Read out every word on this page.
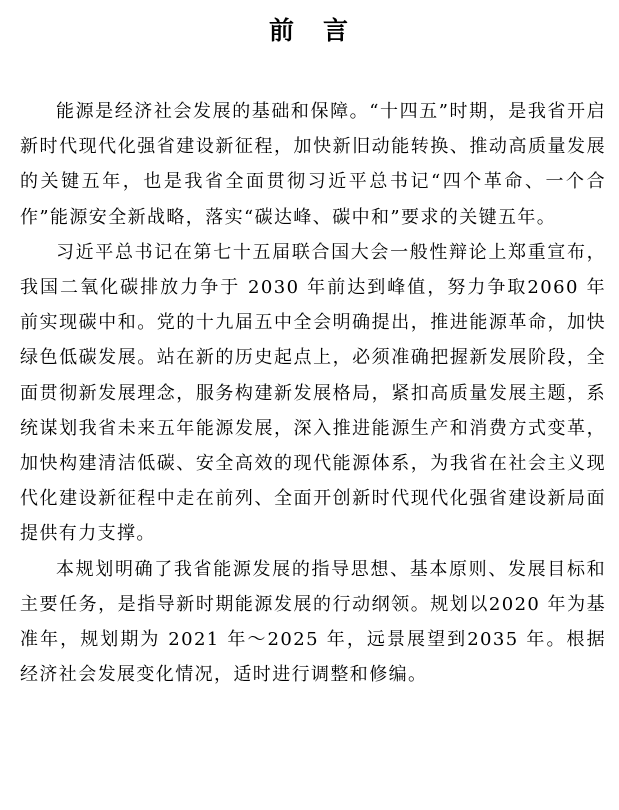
前　言

能源是经济社会发展的基础和保障。“十四五”时期，是我省开启新时代现代化强省建设新征程，加快新旧动能转换、推动高质量发展的关键五年，也是我省全面贯彻习近平总书记“四个革命、一个合作”能源安全新战略，落实“碳达峰、碳中和”要求的关键五年。

习近平总书记在第七十五届联合国大会一般性辩论上郑重宣布，我国二氧化碳排放力争于 2030 年前达到峰值，努力争取2060 年前实现碳中和。党的十九届五中全会明确提出，推进能源革命，加快绿色低碳发展。站在新的历史起点上，必须准确把握新发展阶段，全面贯彻新发展理念，服务构建新发展格局，紧扣高质量发展主题，系统谋划我省未来五年能源发展，深入推进能源生产和消费方式变革，加快构建清洁低碳、安全高效的现代能源体系，为我省在社会主义现代化建设新征程中走在前列、全面开创新时代现代化强省建设新局面提供有力支撑。

本规划明确了我省能源发展的指导思想、基本原则、发展目标和主要任务，是指导新时期能源发展的行动纲领。规划以2020 年为基准年，规划期为 2021 年～2025 年，远景展望到2035 年。根据经济社会发展变化情况，适时进行调整和修编。
